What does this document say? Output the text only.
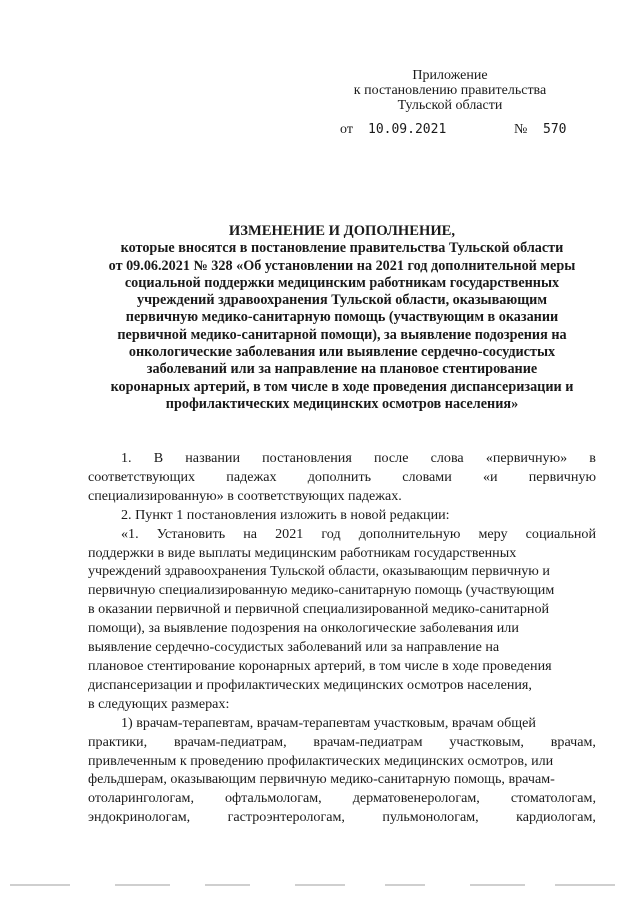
Приложение
к постановлению правительства
Тульской области
от 10.09.2021	№ 570
ИЗМЕНЕНИЕ И ДОПОЛНЕНИЕ,
которые вносятся в постановление правительства Тульской области
от 09.06.2021 № 328 «Об установлении на 2021 год дополнительной меры
социальной поддержки медицинским работникам государственных
учреждений здравоохранения Тульской области, оказывающим
первичную медико-санитарную помощь (участвующим в оказании
первичной медико-санитарной помощи), за выявление подозрения на
онкологические заболевания или выявление сердечно-сосудистых
заболеваний или за направление на плановое стентирование
коронарных артерий, в том числе в ходе проведения диспансеризации и
профилактических медицинских осмотров населения»
1. В названии постановления после слова «первичную» в
соответствующих падежах дополнить словами «и первичную
специализированную» в соответствующих падежах.
2. Пункт 1 постановления изложить в новой редакции:
«1. Установить на 2021 год дополнительную меру социальной
поддержки в виде выплаты медицинским работникам государственных
учреждений здравоохранения Тульской области, оказывающим первичную и
первичную специализированную медико-санитарную помощь (участвующим
в оказании первичной и первичной специализированной медико-санитарной
помощи), за выявление подозрения на онкологические заболевания или
выявление сердечно-сосудистых заболеваний или за направление на
плановое стентирование коронарных артерий, в том числе в ходе проведения
диспансеризации и профилактических медицинских осмотров населения,
в следующих размерах:
1) врачам-терапевтам, врачам-терапевтам участковым, врачам общей
практики, врачам-педиатрам, врачам-педиатрам участковым, врачам,
привлеченным к проведению профилактических медицинских осмотров, или
фельдшерам, оказывающим первичную медико-санитарную помощь, врачам-
отоларингологам, офтальмологам, дерматовенерологам, стоматологам,
эндокринологам,	гастроэнтерологам,	пульмонологам,	кардиологам,
